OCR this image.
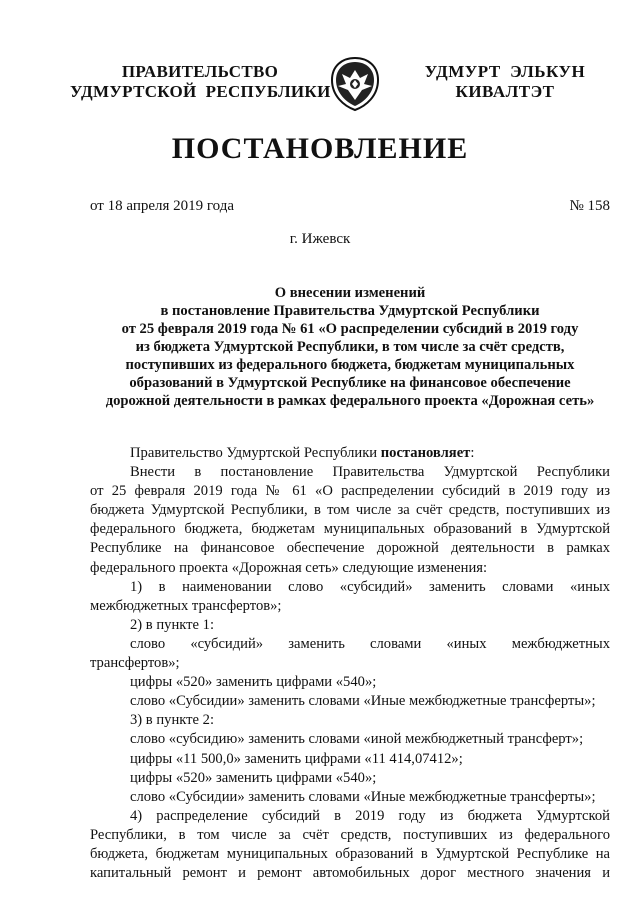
ПРАВИТЕЛЬСТВО
УДМУРТСКОЙ  РЕСПУБЛИКИ
УДМУРТ  ЭЛЬКУН
КИВАЛТЭТ
ПОСТАНОВЛЕНИЕ
от 18 апреля 2019 года	№ 158
г. Ижевск
О внесении изменений
в постановление Правительства Удмуртской Республики
от 25 февраля 2019 года № 61 «О распределении субсидий в 2019 году
из бюджета Удмуртской Республики, в том числе за счёт средств,
поступивших из федерального бюджета, бюджетам муниципальных
образований в Удмуртской Республике на финансовое обеспечение
дорожной деятельности в рамках федерального проекта «Дорожная сеть»
Правительство Удмуртской Республики постановляет:
Внести в постановление Правительства Удмуртской Республики
от 25 февраля 2019 года № 61 «О распределении субсидий в 2019 году из
бюджета Удмуртской Республики, в том числе за счёт средств, поступивших из
федерального бюджета, бюджетам муниципальных образований в Удмуртской
Республике на финансовое обеспечение дорожной деятельности в рамках
федерального проекта «Дорожная сеть» следующие изменения:
1) в наименовании слово «субсидий» заменить словами «иных
межбюджетных трансфертов»;
2) в пункте 1:
слово «субсидий» заменить словами «иных межбюджетных
трансфертов»;
цифры «520» заменить цифрами «540»;
слово «Субсидии» заменить словами «Иные межбюджетные трансферты»;
3) в пункте 2:
слово «субсидию» заменить словами «иной межбюджетный трансферт»;
цифры «11 500,0» заменить цифрами «11 414,07412»;
цифры «520» заменить цифрами «540»;
слово «Субсидии» заменить словами «Иные межбюджетные трансферты»;
4) распределение субсидий в 2019 году из бюджета Удмуртской
Республики, в том числе за счёт средств, поступивших из федерального
бюджета, бюджетам муниципальных образований в Удмуртской Республике на
капитальный ремонт и ремонт автомобильных дорог местного значения и
